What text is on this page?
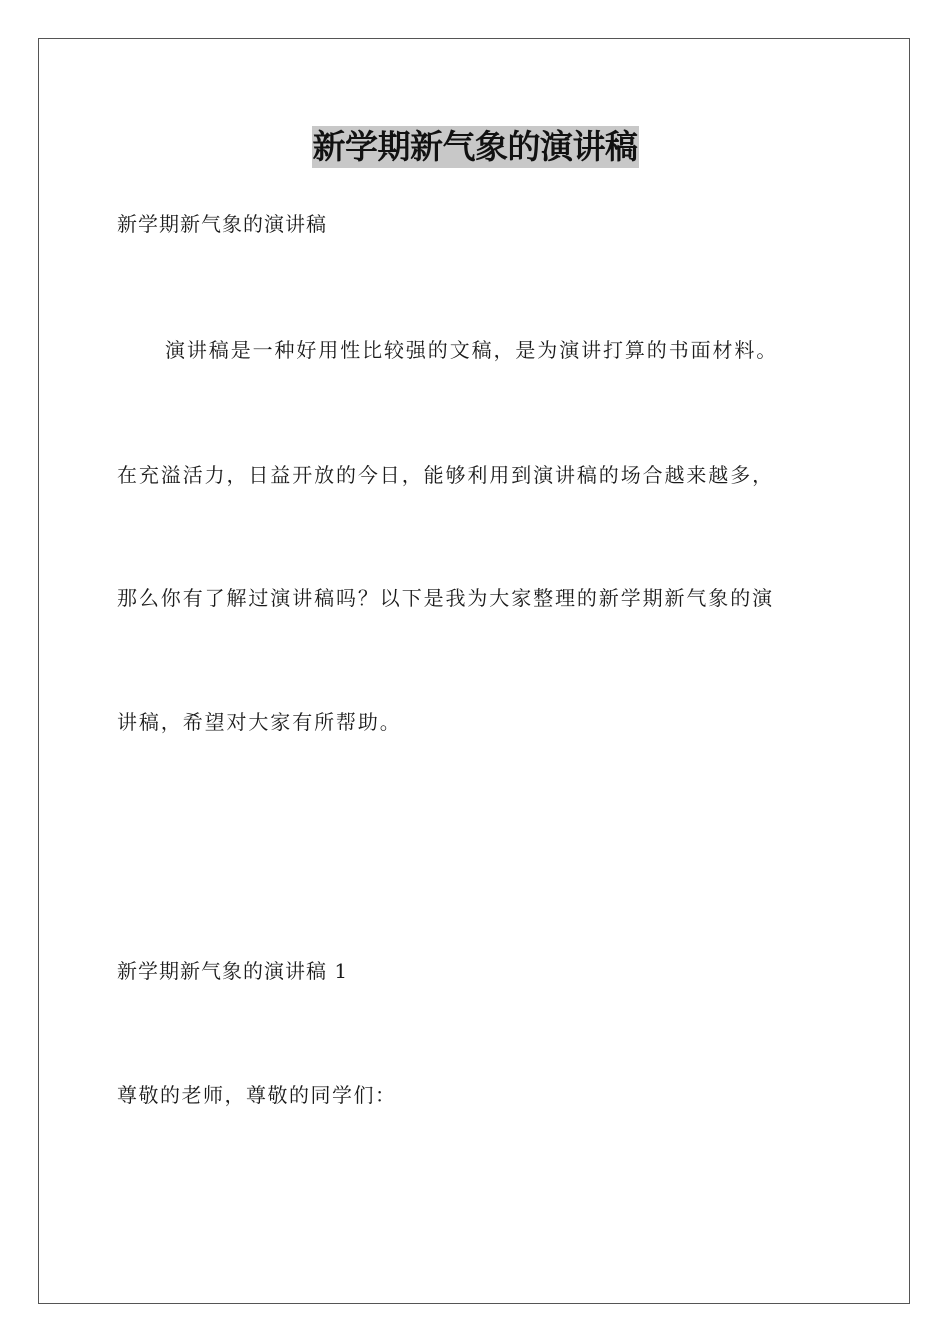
新学期新气象的演讲稿
新学期新气象的演讲稿
演讲稿是一种好用性比较强的文稿，是为演讲打算的书面材料。
在充溢活力，日益开放的今日，能够利用到演讲稿的场合越来越多，
那么你有了解过演讲稿吗？以下是我为大家整理的新学期新气象的演
讲稿，希望对大家有所帮助。
新学期新气象的演讲稿 1
尊敬的老师，尊敬的同学们：
